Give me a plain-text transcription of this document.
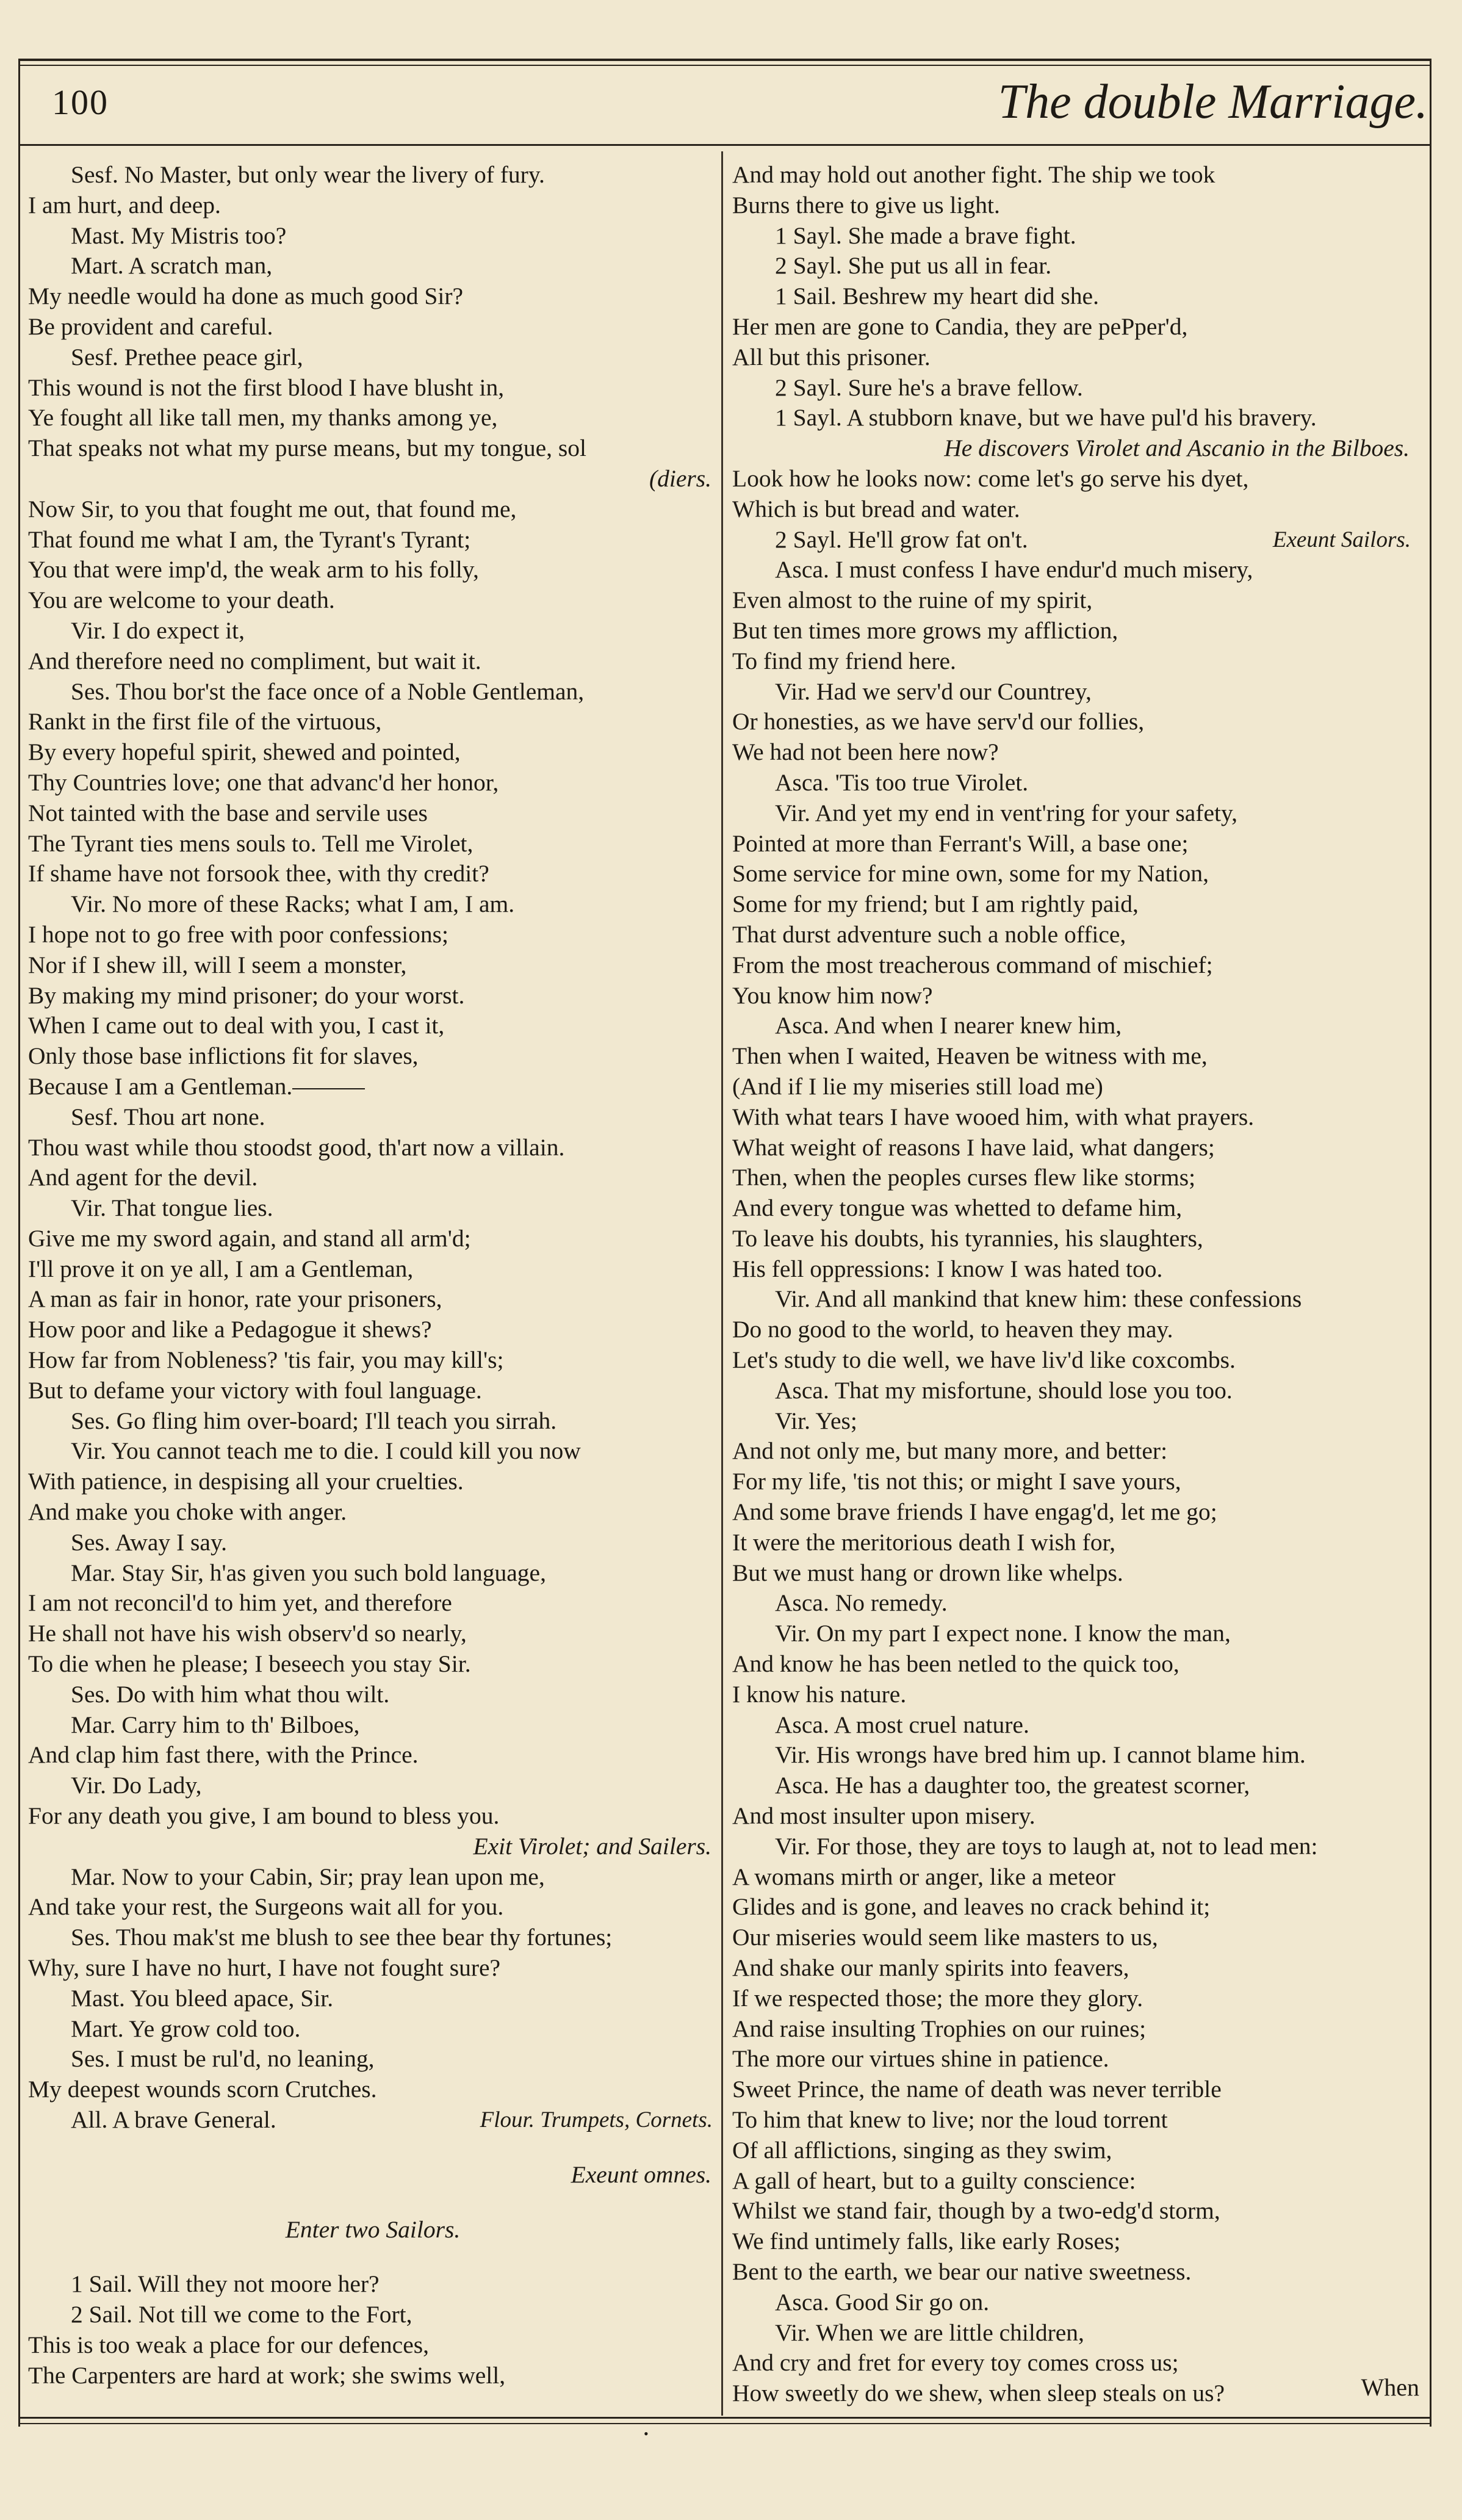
100	The double Marriage.
Sesf. No Master, but only wear the livery of fury.
I am hurt, and deep.
Mast. My Mistris too?
Mart. A scratch man,
My needle would ha done as much good Sir?
Be provident and careful.
Sesf. Prethee peace girl,
This wound is not the first blood I have blusht in,
Ye fought all like tall men, my thanks among ye,
That speaks not what my purse means, but my tongue, sol
(diers.
Now Sir, to you that fought me out, that found me,
That found me what I am, the Tyrant's Tyrant;
You that were imp'd, the weak arm to his folly,
You are welcome to your death.
Vir. I do expect it,
And therefore need no compliment, but wait it.
Ses. Thou bor'st the face once of a Noble Gentleman,
Rankt in the first file of the virtuous,
By every hopeful spirit, shewed and pointed,
Thy Countries love; one that advanc'd her honor,
Not tainted with the base and servile uses
The Tyrant ties mens souls to. Tell me Virolet,
If shame have not forsook thee, with thy credit?
Vir. No more of these Racks; what I am, I am.
I hope not to go free with poor confessions;
Nor if I shew ill, will I seem a monster,
By making my mind prisoner; do your worst.
When I came out to deal with you, I cast it,
Only those base inflictions fit for slaves,
Because I am a Gentleman.———
Sesf. Thou art none.
Thou wast while thou stoodst good, th'art now a villain.
And agent for the devil.
Vir. That tongue lies.
Give me my sword again, and stand all arm'd;
I'll prove it on ye all, I am a Gentleman,
A man as fair in honor, rate your prisoners,
How poor and like a Pedagogue it shews?
How far from Nobleness? 'tis fair, you may kill's;
But to defame your victory with foul language.
Ses. Go fling him over-board; I'll teach you sirrah.
Vir. You cannot teach me to die. I could kill you now
With patience, in despising all your cruelties.
And make you choke with anger.
Ses. Away I say.
Mar. Stay Sir, h'as given you such bold language,
I am not reconcil'd to him yet, and therefore
He shall not have his wish observ'd so nearly,
To die when he please; I beseech you stay Sir.
Ses. Do with him what thou wilt.
Mar. Carry him to th' Bilboes,
And clap him fast there, with the Prince.
Vir. Do Lady,
For any death you give, I am bound to bless you.
Exit Virolet; and Sailers.
Mar. Now to your Cabin, Sir; pray lean upon me,
And take your rest, the Surgeons wait all for you.
Ses. Thou mak'st me blush to see thee bear thy fortunes;
Why, sure I have no hurt, I have not fought sure?
Mast. You bleed apace, Sir.
Mart. Ye grow cold too.
Ses. I must be rul'd, no leaning,
My deepest wounds scorn Crutches.
All. A brave General.	Flour. Trumpets, Cornets.
Exeunt omnes.
Enter two Sailors.
1 Sail. Will they not moore her?
2 Sail. Not till we come to the Fort,
This is too weak a place for our defences,
The Carpenters are hard at work; she swims well,
And may hold out another fight. The ship we took
Burns there to give us light.
1 Sayl. She made a brave fight.
2 Sayl. She put us all in fear.
1 Sail. Beshrew my heart did she.
Her men are gone to Candia, they are pePper'd,
All but this prisoner.
2 Sayl. Sure he's a brave fellow.
1 Sayl. A stubborn knave, but we have pul'd his bravery.
He discovers Virolet and Ascanio in the Bilboes.
Look how he looks now: come let's go serve his dyet,
Which is but bread and water.
2 Sayl. He'll grow fat on't.	Exeunt Sailors.
Asca. I must confess I have endur'd much misery,
Even almost to the ruine of my spirit,
But ten times more grows my affliction,
To find my friend here.
Vir. Had we serv'd our Countrey,
Or honesties, as we have serv'd our follies,
We had not been here now?
Asca. 'Tis too true Virolet.
Vir. And yet my end in vent'ring for your safety,
Pointed at more than Ferrant's Will, a base one;
Some service for mine own, some for my Nation,
Some for my friend; but I am rightly paid,
That durst adventure such a noble office,
From the most treacherous command of mischief;
You know him now?
Asca. And when I nearer knew him,
Then when I waited, Heaven be witness with me,
(And if I lie my miseries still load me)
With what tears I have wooed him, with what prayers.
What weight of reasons I have laid, what dangers;
Then, when the peoples curses flew like storms;
And every tongue was whetted to defame him,
To leave his doubts, his tyrannies, his slaughters,
His fell oppressions: I know I was hated too.
Vir. And all mankind that knew him: these confessions
Do no good to the world, to heaven they may.
Let's study to die well, we have liv'd like coxcombs.
Asca. That my misfortune, should lose you too.
Vir. Yes;
And not only me, but many more, and better:
For my life, 'tis not this; or might I save yours,
And some brave friends I have engag'd, let me go;
It were the meritorious death I wish for,
But we must hang or drown like whelps.
Asca. No remedy.
Vir. On my part I expect none. I know the man,
And know he has been netled to the quick too,
I know his nature.
Asca. A most cruel nature.
Vir. His wrongs have bred him up. I cannot blame him.
Asca. He has a daughter too, the greatest scorner,
And most insulter upon misery.
Vir. For those, they are toys to laugh at, not to lead men:
A womans mirth or anger, like a meteor
Glides and is gone, and leaves no crack behind it;
Our miseries would seem like masters to us,
And shake our manly spirits into feavers,
If we respected those; the more they glory.
And raise insulting Trophies on our ruines;
The more our virtues shine in patience.
Sweet Prince, the name of death was never terrible
To him that knew to live; nor the loud torrent
Of all afflictions, singing as they swim,
A gall of heart, but to a guilty conscience:
Whilst we stand fair, though by a two-edg'd storm,
We find untimely falls, like early Roses;
Bent to the earth, we bear our native sweetness.
Asca. Good Sir go on.
Vir. When we are little children,
And cry and fret for every toy comes cross us;
How sweetly do we shew, when sleep steals on us?	When
•
